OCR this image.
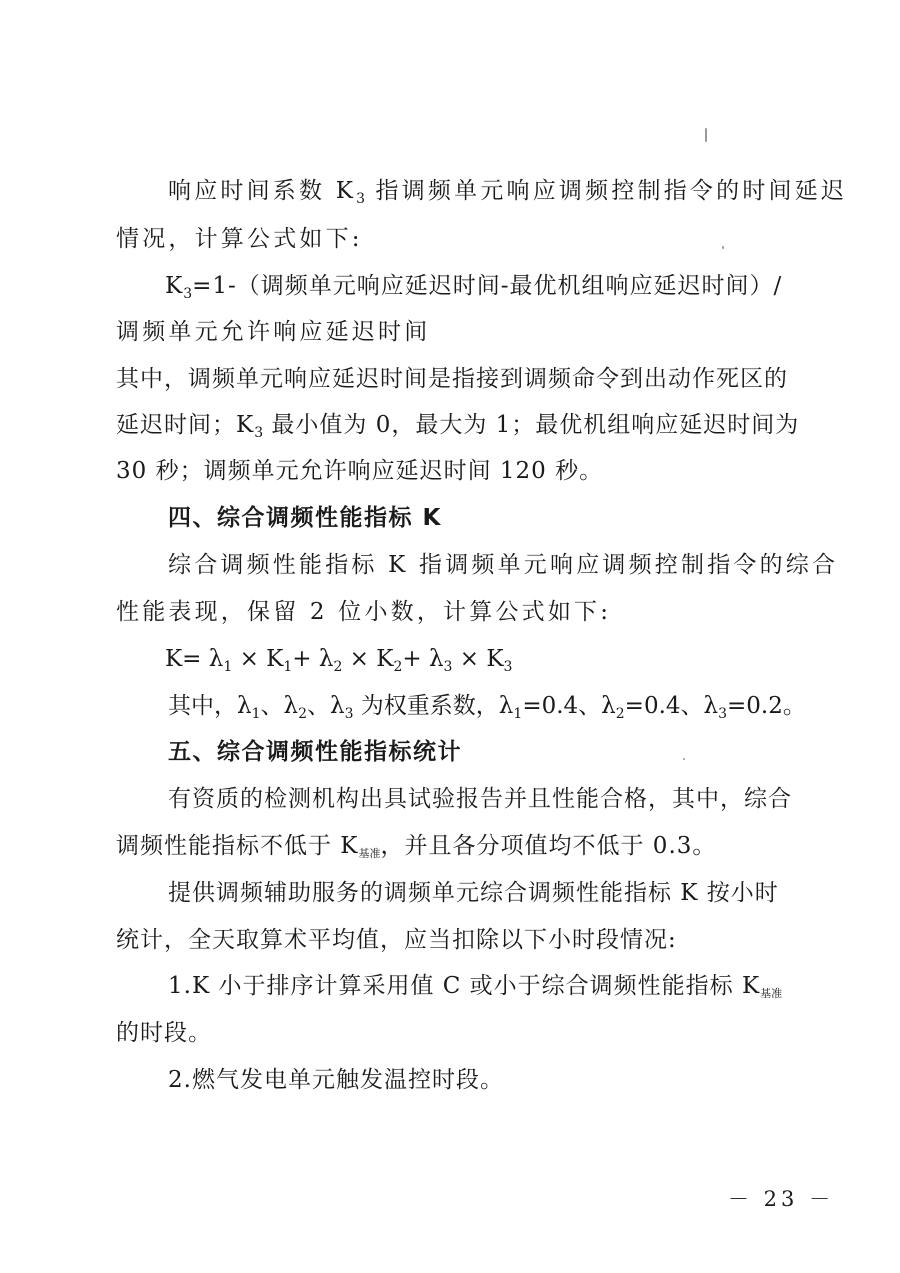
响应时间系数 $K_3$ 指调频单元响应调频控制指令的时间延迟
情况，计算公式如下:
$K_3=1-$（调频单元响应延迟时间-最优机组响应延迟时间）/
调频单元允许响应延迟时间
其中，调频单元响应延迟时间是指接到调频命令到出动作死区的
延迟时间；$K_3$ 最小值为 0，最大为 1；最优机组响应延迟时间为
30 秒；调频单元允许响应延迟时间 120 秒。
四、综合调频性能指标 K
综合调频性能指标 K 指调频单元响应调频控制指令的综合
性能表现，保留 2 位小数，计算公式如下:
$K= \lambda_1 \times K_1+ \lambda_2 \times K_2+ \lambda_3 \times K_3$
其中，$\lambda_1$、$\lambda_2$、$\lambda_3$ 为权重系数，$\lambda_1=0.4$、$\lambda_2=0.4$、$\lambda_3=0.2$。
五、综合调频性能指标统计
有资质的检测机构出具试验报告并且性能合格，其中，综合
调频性能指标不低于 K基准，并且各分项值均不低于 0.3。
提供调频辅助服务的调频单元综合调频性能指标 K 按小时
统计，全天取算术平均值，应当扣除以下小时段情况:
1.K 小于排序计算采用值 C 或小于综合调频性能指标 K基准
的时段。
2.燃气发电单元触发温控时段。
－ 23 －
